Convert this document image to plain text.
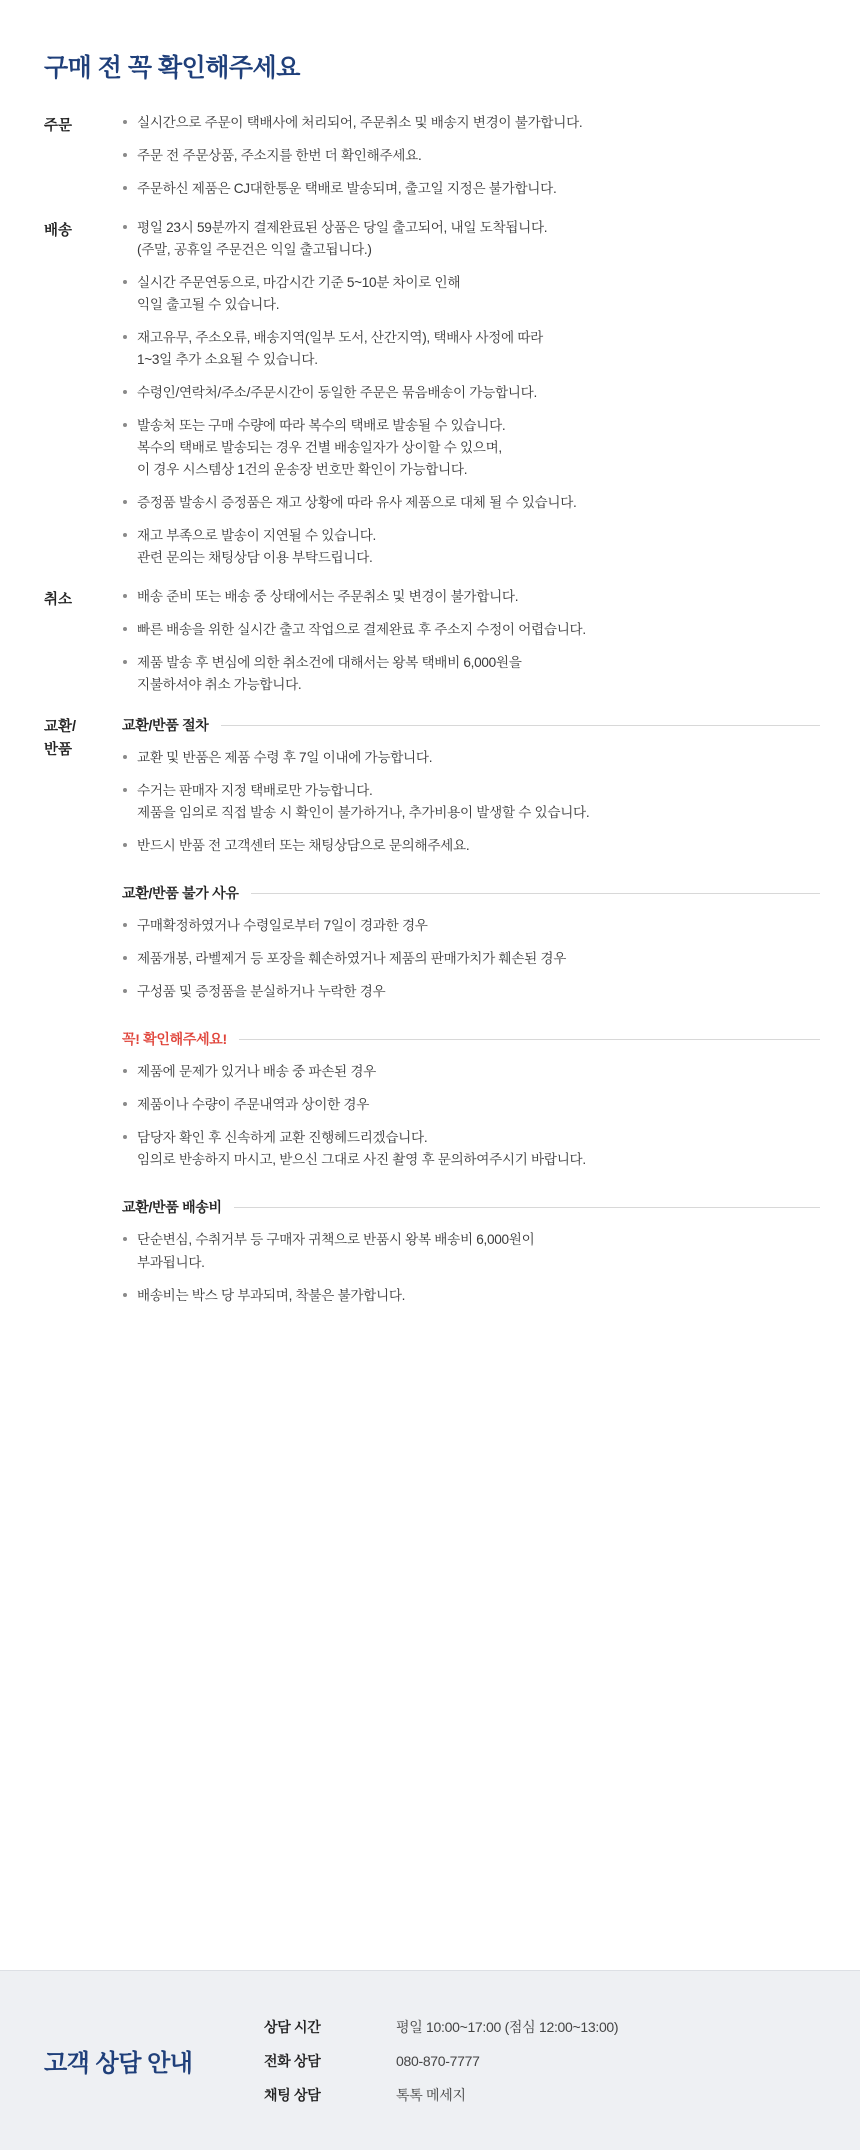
구매 전 꼭 확인해주세요
주문	실시간으로 주문이 택배사에 처리되어, 주문취소 및 배송지 변경이 불가합니다.
주문 전 주문상품, 주소지를 한번 더 확인해주세요.
주문하신 제품은 CJ대한통운 택배로 발송되며, 출고일 지정은 불가합니다.
배송	평일 23시 59분까지 결제완료된 상품은 당일 출고되어, 내일 도착됩니다.
(주말, 공휴일 주문건은 익일 출고됩니다.)
실시간 주문연동으로, 마감시간 기준 5~10분 차이로 인해
익일 출고될 수 있습니다.
재고유무, 주소오류, 배송지역(일부 도서, 산간지역), 택배사 사정에 따라
1~3일 추가 소요될 수 있습니다.
수령인/연락처/주소/주문시간이 동일한 주문은 묶음배송이 가능합니다.
발송처 또는 구매 수량에 따라 복수의 택배로 발송될 수 있습니다.
복수의 택배로 발송되는 경우 건별 배송일자가 상이할 수 있으며,
이 경우 시스템상 1건의 운송장 번호만 확인이 가능합니다.
증정품 발송시 증정품은 재고 상황에 따라 유사 제품으로 대체 될 수 있습니다.
재고 부족으로 발송이 지연될 수 있습니다.
관련 문의는 채팅상담 이용 부탁드립니다.
취소	배송 준비 또는 배송 중 상태에서는 주문취소 및 변경이 불가합니다.
빠른 배송을 위한 실시간 출고 작업으로 결제완료 후 주소지 수정이 어렵습니다.
제품 발송 후 변심에 의한 취소건에 대해서는 왕복 택배비 6,000원을
지불하셔야 취소 가능합니다.
교환/
반품
교환/반품 절차
교환 및 반품은 제품 수령 후 7일 이내에 가능합니다.
수거는 판매자 지정 택배로만 가능합니다.
제품을 임의로 직접 발송 시 확인이 불가하거나, 추가비용이 발생할 수 있습니다.
반드시 반품 전 고객센터 또는 채팅상담으로 문의해주세요.
교환/반품 불가 사유
구매확정하였거나 수령일로부터 7일이 경과한 경우
제품개봉, 라벨제거 등 포장을 훼손하였거나 제품의 판매가치가 훼손된 경우
구성품 및 증정품을 분실하거나 누락한 경우
꼭! 확인해주세요!
제품에 문제가 있거나 배송 중 파손된 경우
제품이나 수량이 주문내역과 상이한 경우
담당자 확인 후 신속하게 교환 진행헤드리겠습니다.
임의로 반송하지 마시고, 받으신 그대로 사진 촬영 후 문의하여주시기 바랍니다.
교환/반품 배송비
단순변심, 수취거부 등 구매자 귀책으로 반품시 왕복 배송비 6,000원이
부과됩니다.
배송비는 박스 당 부과되며, 착불은 불가합니다.
고객 상담 안내
상담 시간	평일 10:00~17:00 (점심 12:00~13:00)
전화 상담	080-870-7777
채팅 상담	톡톡 메세지
